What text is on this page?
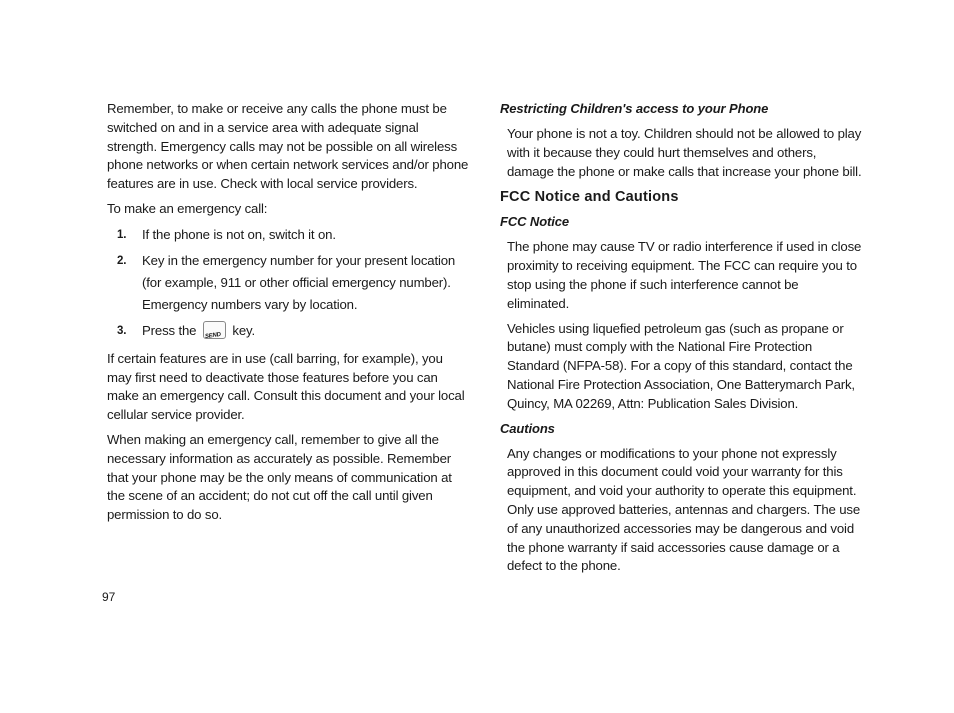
Remember, to make or receive any calls the phone must be switched on and in a service area with adequate signal strength. Emergency calls may not be possible on all wireless phone networks or when certain network services and/or phone features are in use. Check with local service providers.

To make an emergency call:

1. If the phone is not on, switch it on.
2. Key in the emergency number for your present location (for example, 911 or other official emergency number). Emergency numbers vary by location.
3. Press the SEND key.

If certain features are in use (call barring, for example), you may first need to deactivate those features before you can make an emergency call. Consult this document and your local cellular service provider.

When making an emergency call, remember to give all the necessary information as accurately as possible. Remember that your phone may be the only means of communication at the scene of an accident; do not cut off the call until given permission to do so.

Restricting Children's access to your Phone

Your phone is not a toy. Children should not be allowed to play with it because they could hurt themselves and others, damage the phone or make calls that increase your phone bill.

FCC Notice and Cautions
FCC Notice

The phone may cause TV or radio interference if used in close proximity to receiving equipment. The FCC can require you to stop using the phone if such interference cannot be eliminated.

Vehicles using liquefied petroleum gas (such as propane or butane) must comply with the National Fire Protection Standard (NFPA-58). For a copy of this standard, contact the National Fire Protection Association, One Batterymarch Park, Quincy, MA 02269, Attn: Publication Sales Division.

Cautions

Any changes or modifications to your phone not expressly approved in this document could void your warranty for this equipment, and void your authority to operate this equipment. Only use approved batteries, antennas and chargers. The use of any unauthorized accessories may be dangerous and void the phone warranty if said accessories cause damage or a defect to the phone.

97
